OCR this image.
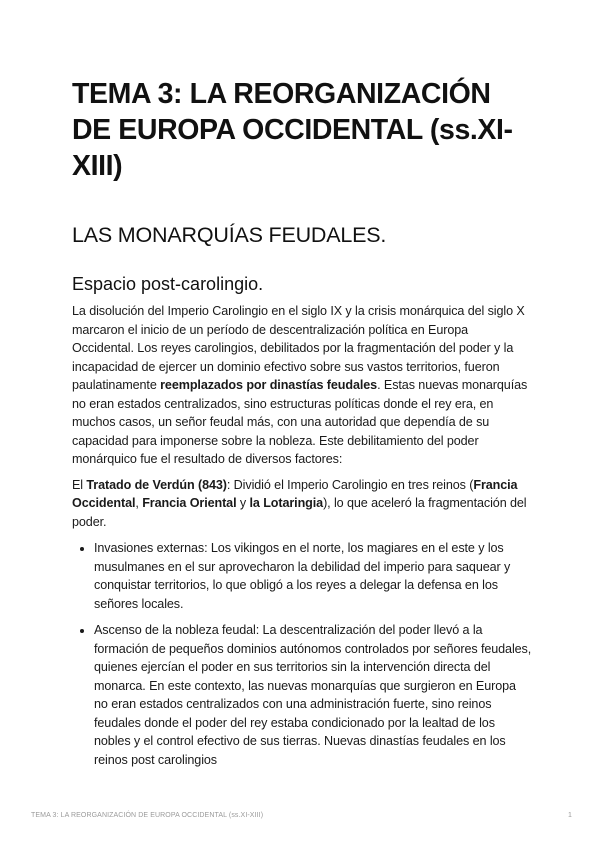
TEMA 3: LA REORGANIZACIÓN DE EUROPA OCCIDENTAL (ss.XI-XIII)
LAS MONARQUÍAS FEUDALES.
Espacio post-carolingio.

La disolución del Imperio Carolingio en el siglo IX y la crisis monárquica del siglo X marcaron el inicio de un período de descentralización política en Europa Occidental. Los reyes carolingios, debilitados por la fragmentación del poder y la incapacidad de ejercer un dominio efectivo sobre sus vastos territorios, fueron paulatinamente reemplazados por dinastías feudales. Estas nuevas monarquías no eran estados centralizados, sino estructuras políticas donde el rey era, en muchos casos, un señor feudal más, con una autoridad que dependía de su capacidad para imponerse sobre la nobleza. Este debilitamiento del poder monárquico fue el resultado de diversos factores:

El Tratado de Verdún (843): Dividió el Imperio Carolingio en tres reinos (Francia Occidental, Francia Oriental y la Lotaringia), lo que aceleró la fragmentación del poder.

• Invasiones externas: Los vikingos en el norte, los magiares en el este y los musulmanes en el sur aprovecharon la debilidad del imperio para saquear y conquistar territorios, lo que obligó a los reyes a delegar la defensa en los señores locales.
• Ascenso de la nobleza feudal: La descentralización del poder llevó a la formación de pequeños dominios autónomos controlados por señores feudales, quienes ejercían el poder en sus territorios sin la intervención directa del monarca. En este contexto, las nuevas monarquías que surgieron en Europa no eran estados centralizados con una administración fuerte, sino reinos feudales donde el poder del rey estaba condicionado por la lealtad de los nobles y el control efectivo de sus tierras. Nuevas dinastías feudales en los reinos post carolingios
TEMA 3: LA REORGANIZACIÓN DE EUROPA OCCIDENTAL (ss.XI-XIII)	1
